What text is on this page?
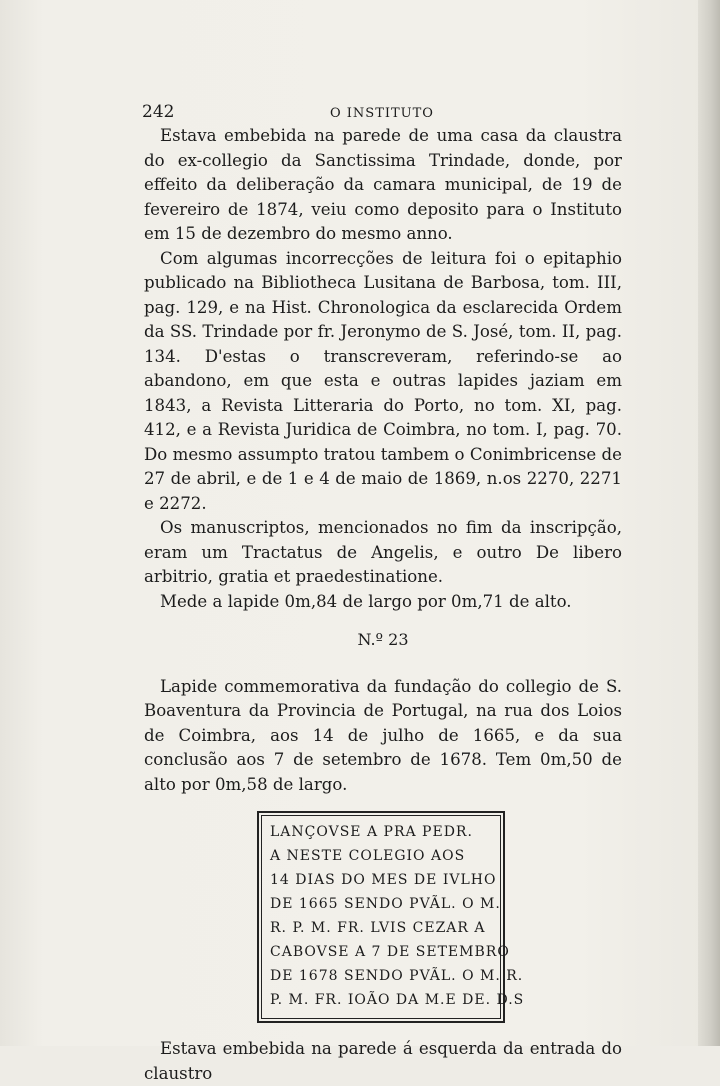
242	O INSTITUTO

Estava embebida na parede de uma casa da claustra do ex-collegio da Sanctissima Trindade, donde, por effeito da deliberação da camara municipal, de 19 de fevereiro de 1874, veiu como deposito para o Instituto em 15 de dezembro do mesmo anno.

Com algumas incorrecções de leitura foi o epitaphio publicado na Bibliotheca Lusitana de Barbosa, tom. III, pag. 129, e na Hist. Chronologica da esclarecida Ordem da SS. Trindade por fr. Jeronymo de S. José, tom. II, pag. 134. D'estas o transcreveram, referindo-se ao abandono, em que esta e outras lapides jaziam em 1843, a Revista Litteraria do Porto, no tom. XI, pag. 412, e a Revista Juridica de Coimbra, no tom. I, pag. 70. Do mesmo assumpto tratou tambem o Conimbricense de 27 de abril, e de 1 e 4 de maio de 1869, n.os 2270, 2271 e 2272.

Os manuscriptos, mencionados no fim da inscripção, eram um Tractatus de Angelis, e outro De libero arbitrio, gratia et praedestinatione.

Mede a lapide 0m,84 de largo por 0m,71 de alto.

N.º 23

Lapide commemorativa da fundação do collegio de S. Boaventura da Provincia de Portugal, na rua dos Loios de Coimbra, aos 14 de julho de 1665, e da sua conclusão aos 7 de setembro de 1678. Tem 0m,50 de alto por 0m,58 de largo.

LANÇOVSE A PRA PEDR.
A NESTE COLEGIO AOS
14 DIAS DO MES DE IVLHO
DE 1665 SENDO PVÃL. O M.
R. P. M. FR. LVIS CEZAR A
CABOVSE A 7 DE SETEMBRO
DE 1678 SENDO PVÃL. O M. R.
P. M. FR. IOÃO DA M.E DE. D.S

Estava embebida na parede á esquerda da entrada do claustro
